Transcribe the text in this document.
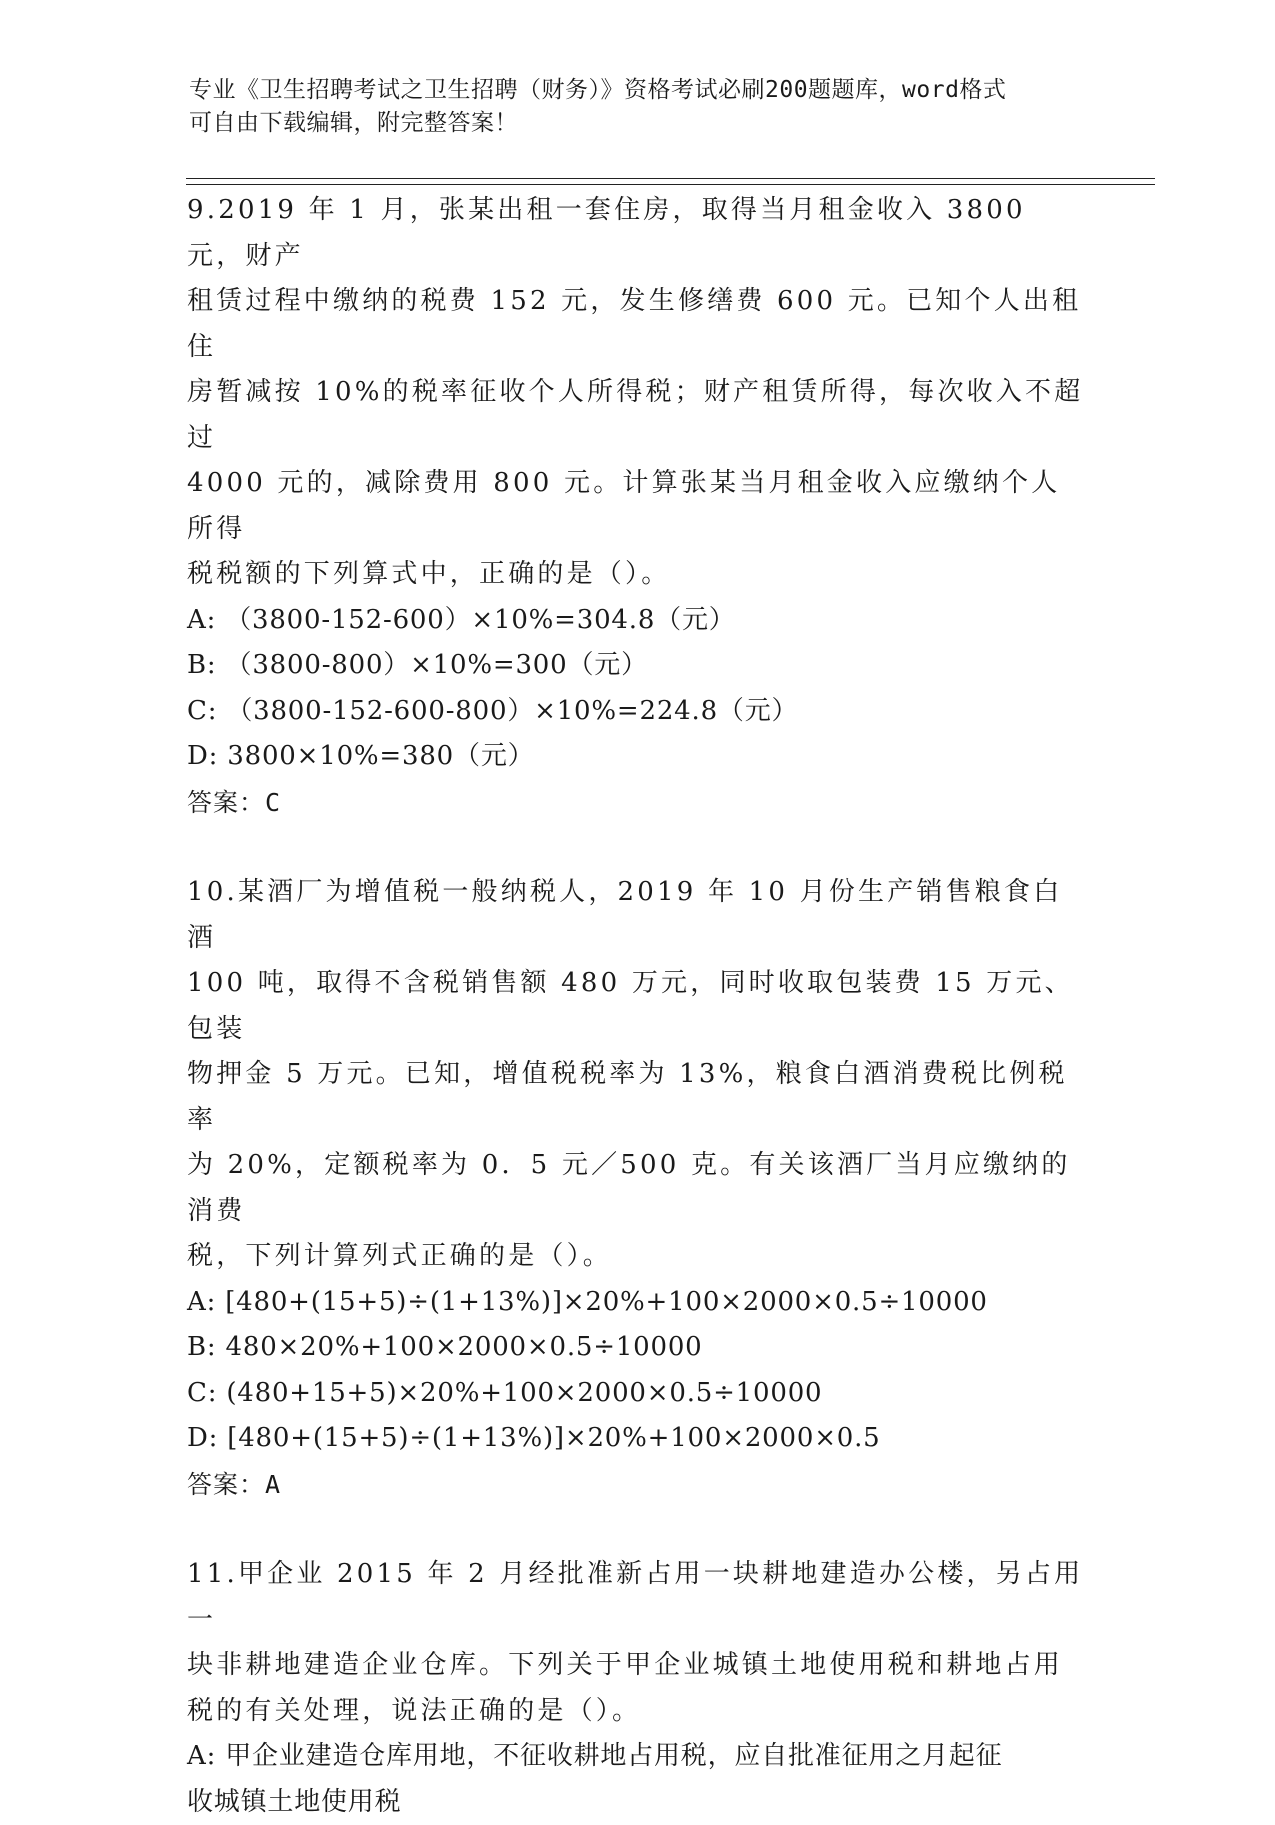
专业《卫生招聘考试之卫生招聘（财务）》资格考试必刷200题题库，word格式

可自由下载编辑，附完整答案！

9.2019 年 1 月，张某出租一套住房，取得当月租金收入 3800 元，财产

租赁过程中缴纳的税费 152 元，发生修缮费 600 元。已知个人出租住

房暂减按 10%的税率征收个人所得税；财产租赁所得，每次收入不超过

4000 元的，减除费用 800 元。计算张某当月租金收入应缴纳个人所得

税税额的下列算式中，正确的是（）。

A: （3800-152-600）×10%=304.8（元）

B: （3800-800）×10%=300（元）

C: （3800-152-600-800）×10%=224.8（元）

D: 3800×10%=380（元）

答案：C

10.某酒厂为增值税一般纳税人，2019 年 10 月份生产销售粮食白酒

100 吨，取得不含税销售额 480 万元，同时收取包装费 15 万元、包装

物押金 5 万元。已知，增值税税率为 13%，粮食白酒消费税比例税率

为 20%，定额税率为 0．5 元／500 克。有关该酒厂当月应缴纳的消费

税，下列计算列式正确的是（）。

A: [480+(15+5)÷(1+13%)]×20%+100×2000×0.5÷10000

B: 480×20%+100×2000×0.5÷10000

C: (480+15+5)×20%+100×2000×0.5÷10000

D: [480+(15+5)÷(1+13%)]×20%+100×2000×0.5

答案：A

11.甲企业 2015 年 2 月经批准新占用一块耕地建造办公楼，另占用一

块非耕地建造企业仓库。下列关于甲企业城镇土地使用税和耕地占用

税的有关处理，说法正确的是（）。

A: 甲企业建造仓库用地，不征收耕地占用税，应自批准征用之月起征

收城镇土地使用税
